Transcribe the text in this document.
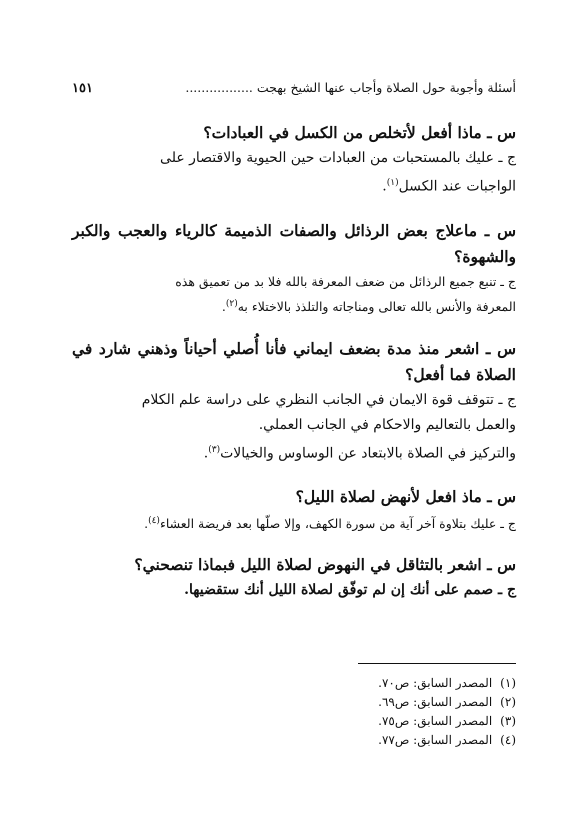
أسئلة وأجوبة حول الصلاة وأجاب عنها الشيخ بهجت .................
١٥١
س ـ ماذا أفعل لأتخلص من الكسل في العبادات؟
ج ـ عليك بالمستحبات من العبادات حين الحيوية والاقتصار على
الواجبات عند الكسل$^{(١)}$.
س ـ ماعلاج بعض الرذائل والصفات الذميمة كالرياء والعجب والكبر والشهوة؟
ج ـ تنبع جميع الرذائل من ضعف المعرفة بالله فلا بد من تعميق هذه
المعرفة والأنس بالله تعالى ومناجاته والتلذذ بالاختلاء به$^{(٢)}$.
س ـ اشعر منذ مدة بضعف ايماني فأنا أُصلي أحياناً وذهني شارد في الصلاة فما أفعل؟
ج ـ تتوقف قوة الايمان في الجانب النظري على دراسة علم الكلام
والعمل بالتعاليم والاحكام في الجانب العملي.
والتركيز في الصلاة بالابتعاد عن الوساوس والخيالات$^{(٣)}$.
س ـ ماذ افعل لأنهض لصلاة الليل؟
ج ـ عليك بتلاوة آخر آية من سورة الكهف، وإلا صلّها بعد فريضة العشاء$^{(٤)}$.
س ـ اشعر بالتثاقل في النهوض لصلاة الليل فبماذا تنصحني؟
ج ـ صمم على أنك إن لم توفّق لصلاة الليل أنك ستقضيها.
(١)المصدر السابق: ص٧٠.
(٢)المصدر السابق: ص٦٩.
(٣)المصدر السابق: ص٧٥.
(٤)المصدر السابق: ص٧٧.
